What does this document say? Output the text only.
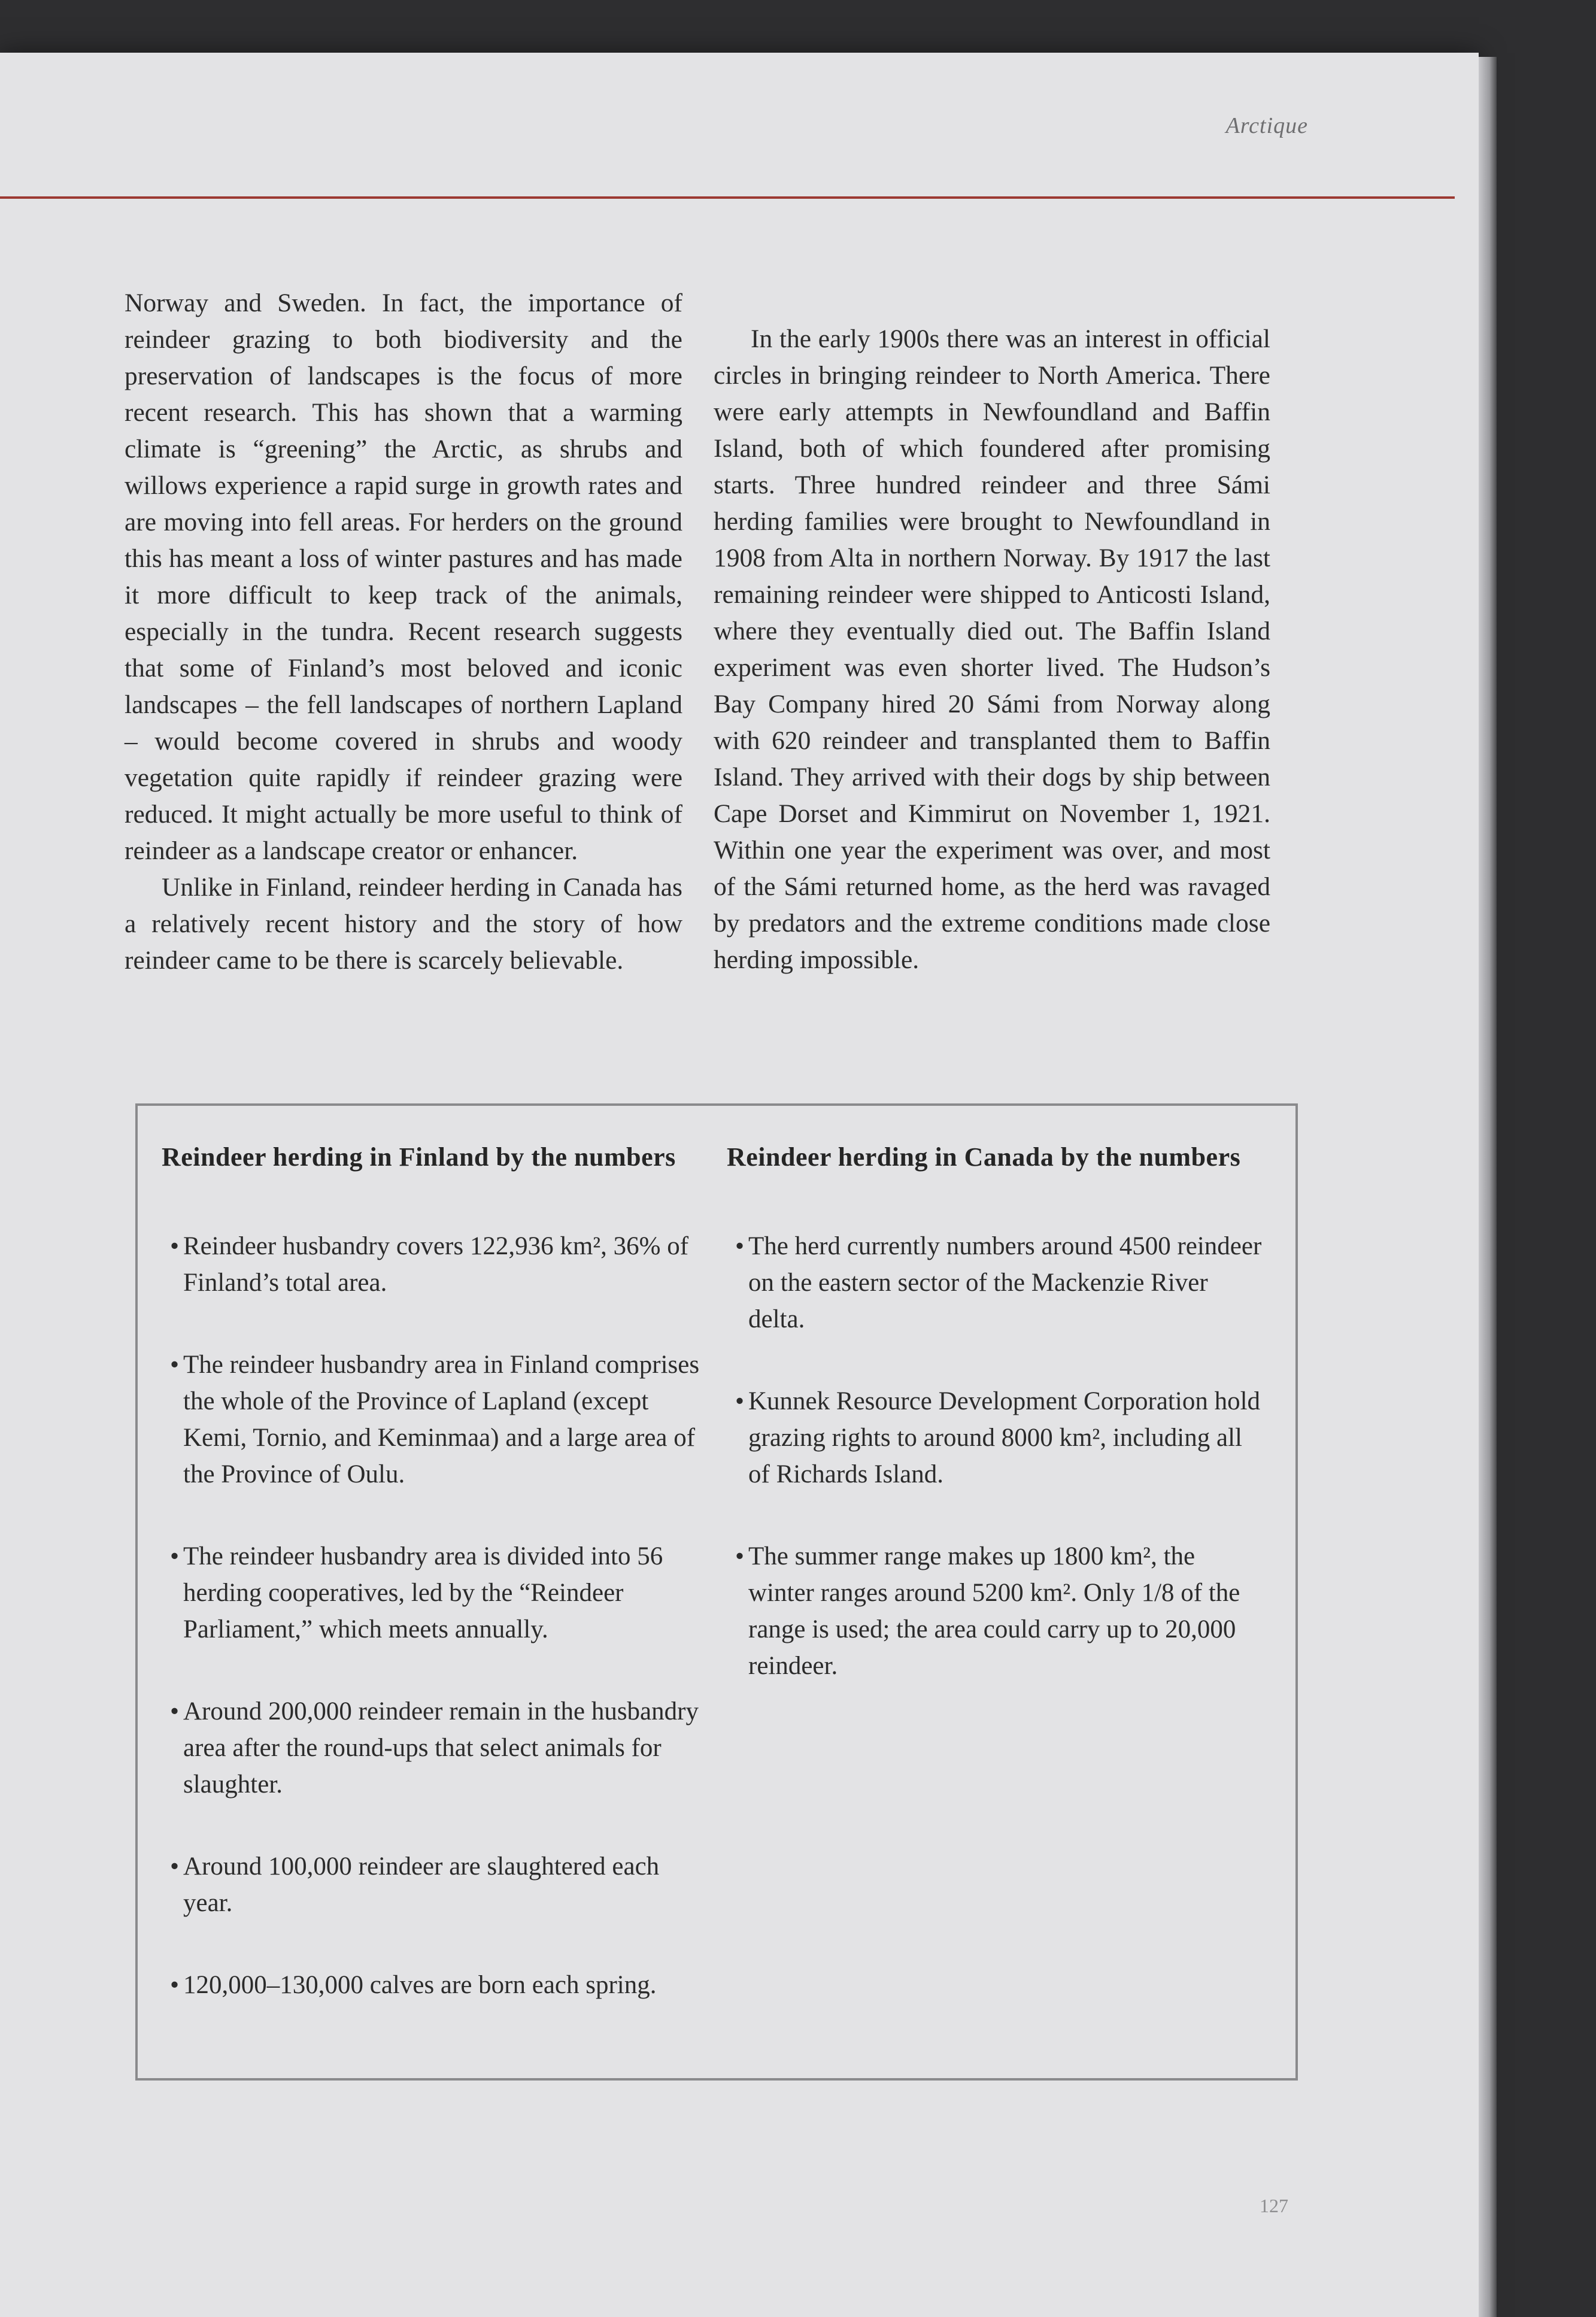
Arctique

Norway and Sweden. In fact, the importance of reindeer grazing to both biodiversity and the preservation of landscapes is the focus of more recent research. This has shown that a warming climate is “greening” the Arctic, as shrubs and willows experience a rapid surge in growth rates and are moving into fell areas. For herders on the ground this has meant a loss of winter pastures and has made it more difficult to keep track of the animals, especially in the tundra. Recent research suggests that some of Finland’s most beloved and iconic landscapes – the fell landscapes of northern Lapland – would become covered in shrubs and woody vegetation quite rapidly if reindeer grazing were reduced. It might actually be more useful to think of reindeer as a landscape creator or enhancer.

Unlike in Finland, reindeer herding in Canada has a relatively recent history and the story of how reindeer came to be there is scarcely believable.

In the early 1900s there was an interest in official circles in bringing reindeer to North America. There were early attempts in Newfoundland and Baffin Island, both of which foundered after promising starts. Three hundred reindeer and three Sámi herding families were brought to Newfoundland in 1908 from Alta in northern Norway. By 1917 the last remaining reindeer were shipped to Anticosti Island, where they eventually died out. The Baffin Island experiment was even shorter lived. The Hudson’s Bay Company hired 20 Sámi from Norway along with 620 reindeer and transplanted them to Baffin Island. They arrived with their dogs by ship between Cape Dorset and Kimmirut on November 1, 1921. Within one year the experiment was over, and most of the Sámi returned home, as the herd was ravaged by predators and the extreme conditions made close herding impossible.

Reindeer herding in Finland by the numbers
• Reindeer husbandry covers 122,936 km², 36% of Finland’s total area.
• The reindeer husbandry area in Finland comprises the whole of the Province of Lapland (except Kemi, Tornio, and Keminmaa) and a large area of the Province of Oulu.
• The reindeer husbandry area is divided into 56 herding cooperatives, led by the “Reindeer Parliament,” which meets annually.
• Around 200,000 reindeer remain in the husbandry area after the round-ups that select animals for slaughter.
• Around 100,000 reindeer are slaughtered each year.
• 120,000–130,000 calves are born each spring.
Reindeer herding in Canada by the numbers
• The herd currently numbers around 4500 reindeer on the eastern sector of the Mackenzie River delta.
• Kunnek Resource Development Corporation hold grazing rights to around 8000 km², including all of Richards Island.
• The summer range makes up 1800 km², the winter ranges around 5200 km². Only 1/8 of the range is used; the area could carry up to 20,000 reindeer.
127
